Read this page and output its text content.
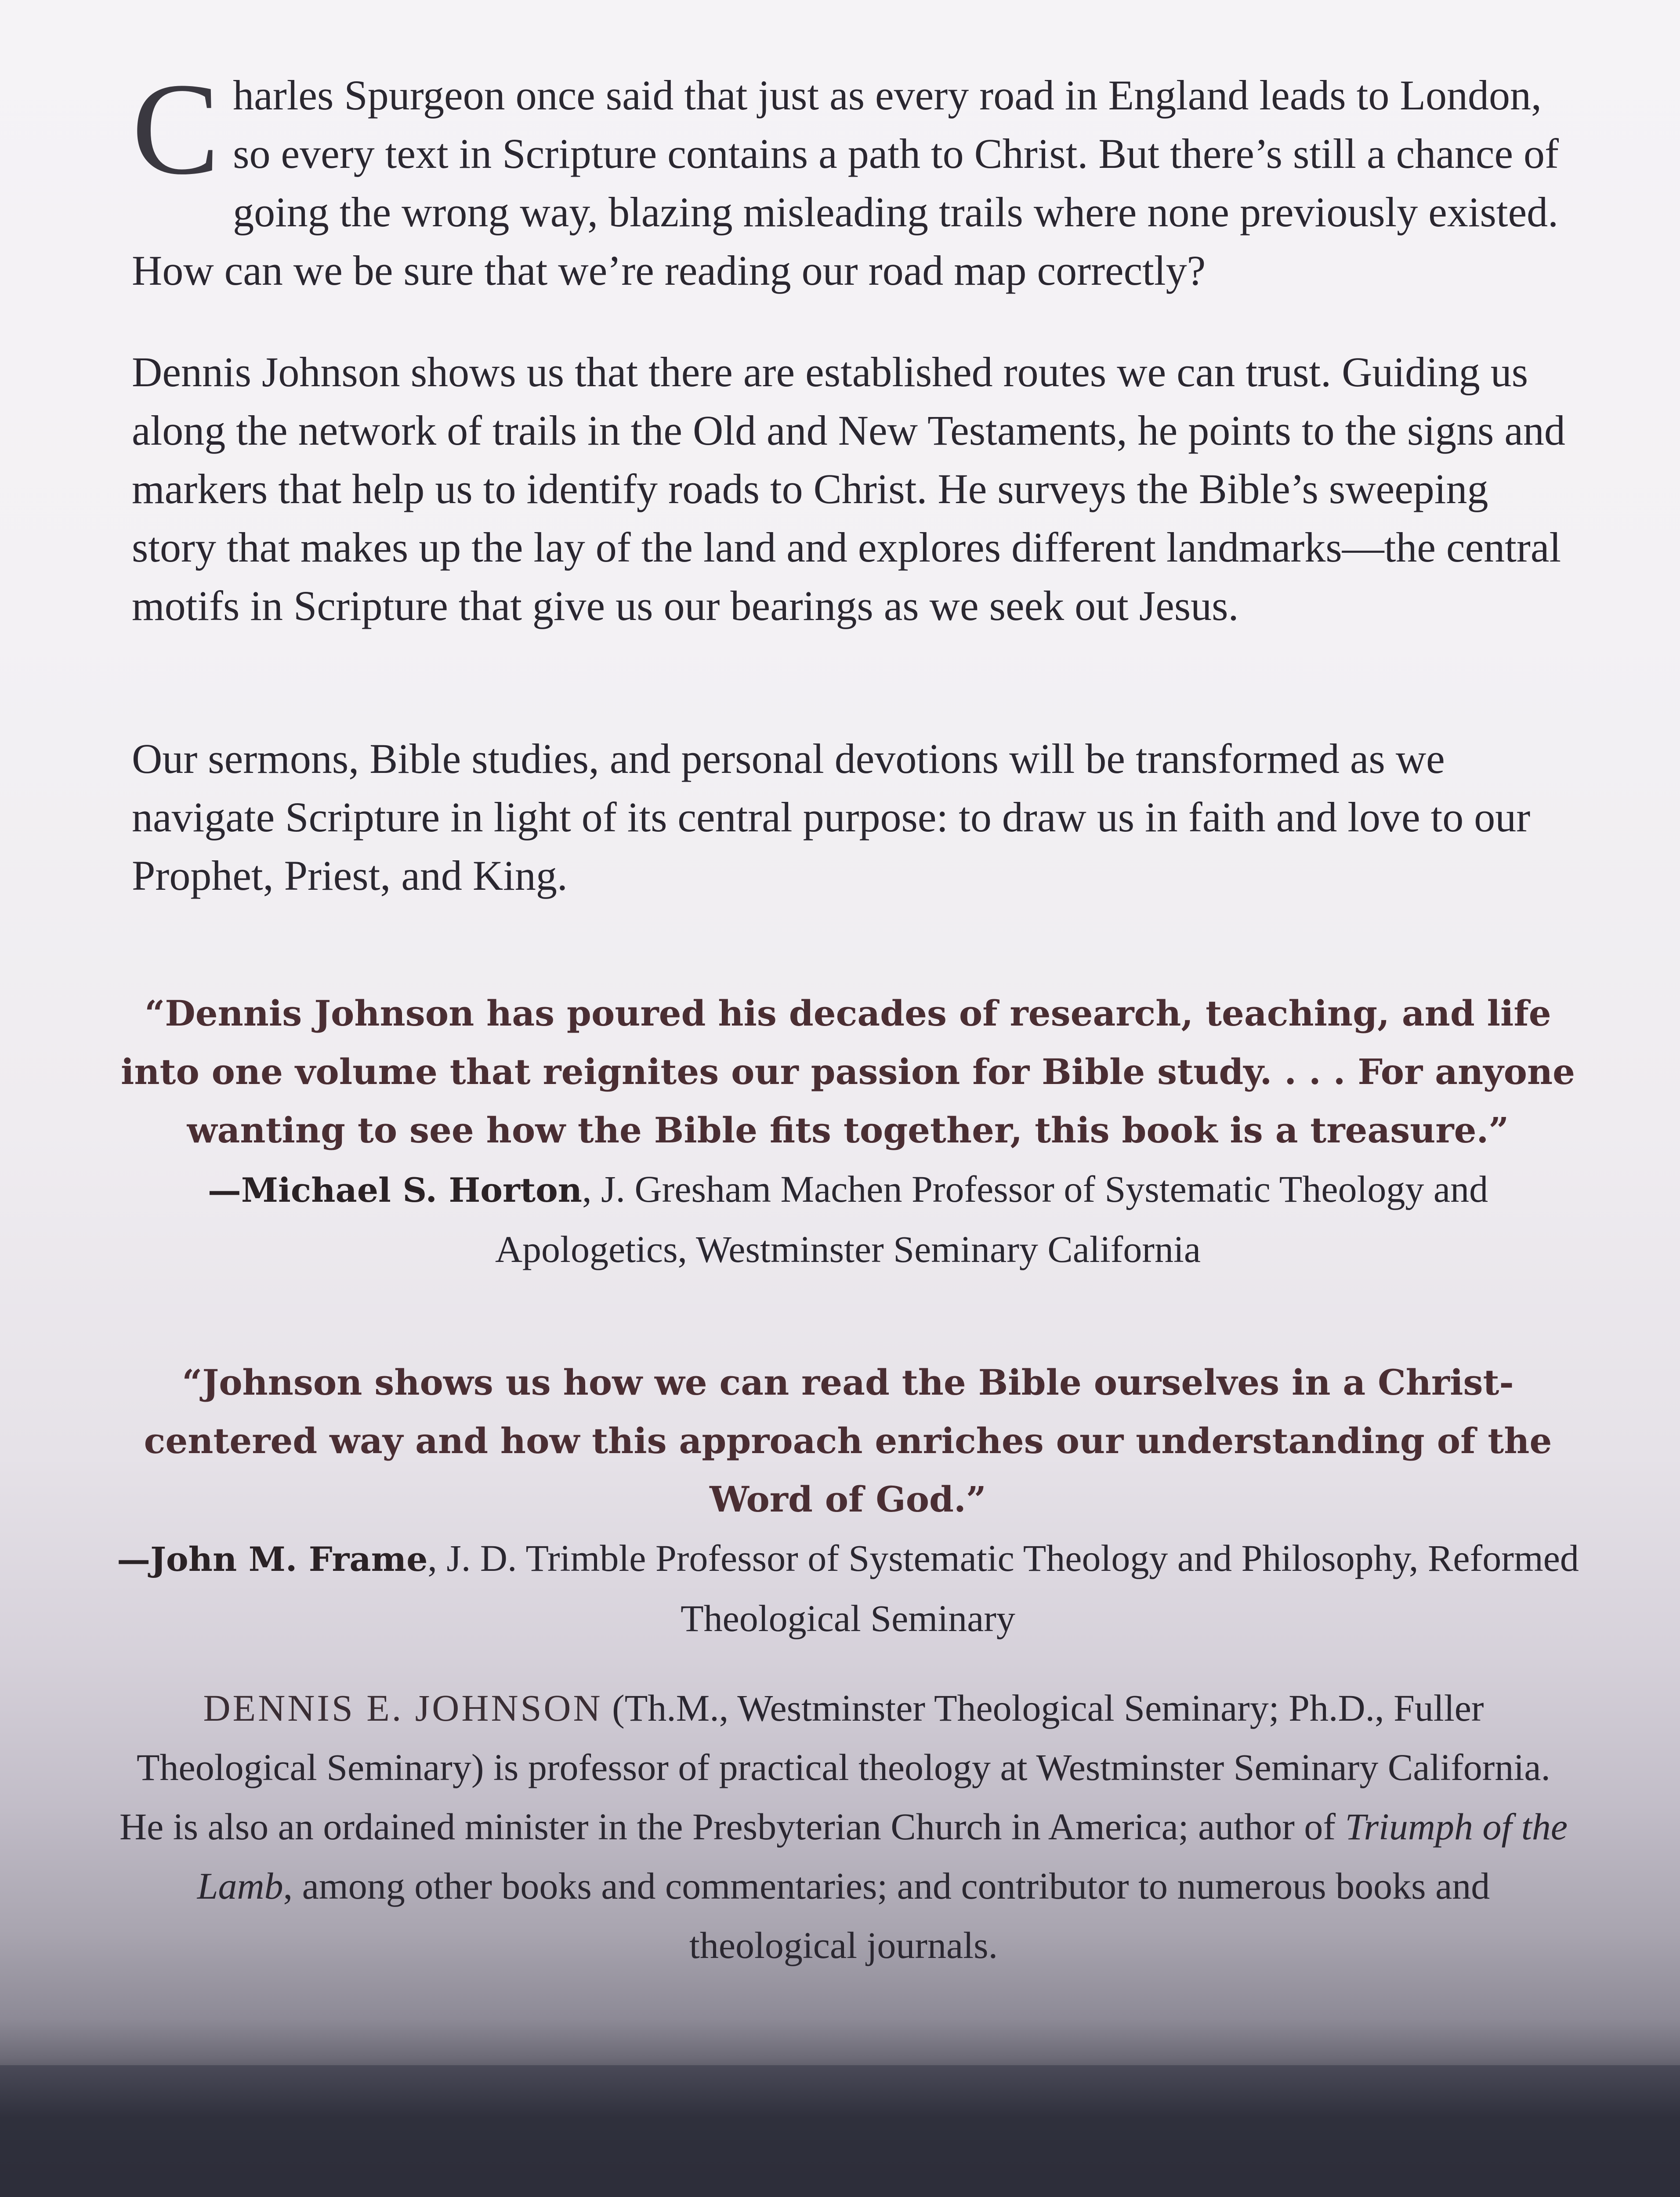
Charles Spurgeon once said that just as every road in England leads to London, so every text in Scripture contains a path to Christ. But there’s still a chance of going the wrong way, blazing misleading trails where none previously existed. How can we be sure that we’re reading our road map correctly?

Dennis Johnson shows us that there are established routes we can trust. Guiding us along the network of trails in the Old and New Testaments, he points to the signs and markers that help us to identify roads to Christ. He surveys the Bible’s sweeping story that makes up the lay of the land and explores different landmarks—the central motifs in Scripture that give us our bearings as we seek out Jesus.

Our sermons, Bible studies, and personal devotions will be transformed as we navigate Scripture in light of its central purpose: to draw us in faith and love to our Prophet, Priest, and King.

“Dennis Johnson has poured his decades of research, teaching, and life into one volume that reignites our passion for Bible study. . . . For anyone wanting to see how the Bible fits together, this book is a treasure.”

—Michael S. Horton, J. Gresham Machen Professor of Systematic Theology and Apologetics, Westminster Seminary California

“Johnson shows us how we can read the Bible ourselves in a Christ-centered way and how this approach enriches our understanding of the Word of God.”

—John M. Frame, J. D. Trimble Professor of Systematic Theology and Philosophy, Reformed Theological Seminary

DENNIS E. JOHNSON (Th.M., Westminster Theological Seminary; Ph.D., Fuller Theological Seminary) is professor of practical theology at Westminster Seminary California. He is also an ordained minister in the Presbyterian Church in America; author of Triumph of the Lamb, among other books and commentaries; and contributor to numerous books and theological journals.
